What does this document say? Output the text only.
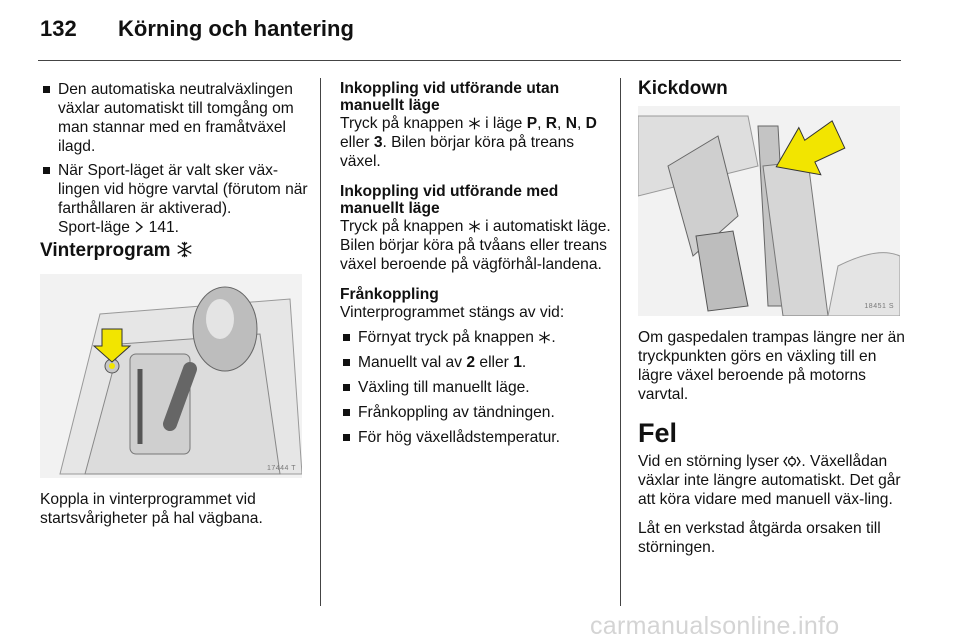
132 Körning och hantering
Den automatiska neutralväxlingen växlar automatiskt till tomgång om man stannar med en framåtväxel ilagd.
När Sport-läget är valt sker väx-lingen vid högre varvtal (förutom när farthållaren är aktiverad).
Sport-läge 141.
Vinterprogram
17444 T
Koppla in vinterprogrammet vid
startsvårigheter på hal vägbana.
Inkoppling vid utförande utan manuellt läge
Tryck på knappen i läge P, R, N, D eller 3. Bilen börjar köra på treans växel.
Inkoppling vid utförande med manuellt läge
Tryck på knappen i automatiskt läge. Bilen börjar köra på tvåans eller treans växel beroende på vägförhål-landena.
Frånkoppling
Vinterprogrammet stängs av vid:
Förnyat tryck på knappen .
Manuellt val av 2 eller 1.
Växling till manuellt läge.
Frånkoppling av tändningen.
För hög växellådstemperatur.
Kickdown
18451 S
Om gaspedalen trampas längre ner än tryckpunkten görs en växling till en lägre växel beroende på motorns varvtal.
Fel
Vid en störning lyser . Växellådan växlar inte längre automatiskt. Det går att köra vidare med manuell väx-ling.
Låt en verkstad åtgärda orsaken till störningen.
carmanualsonline.info
